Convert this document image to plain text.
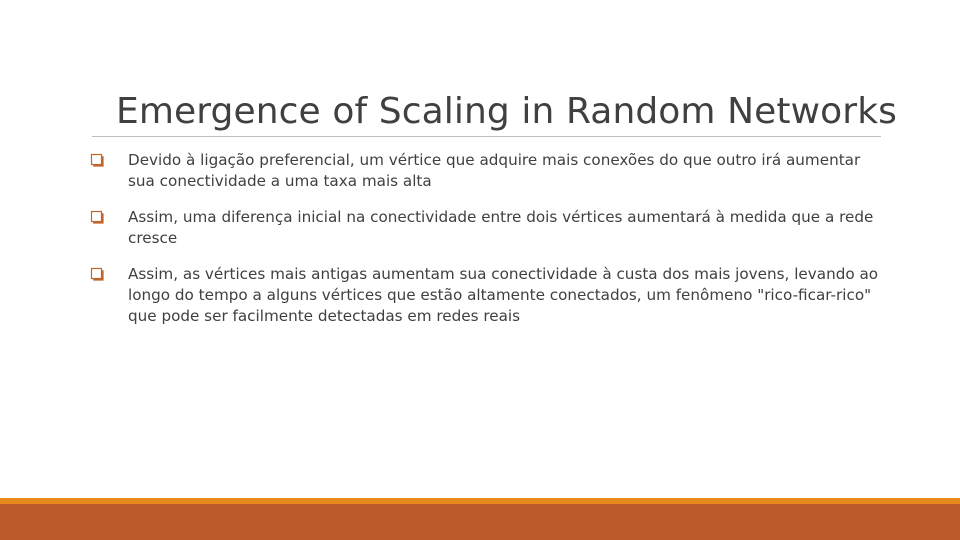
Emergence of Scaling in Random Networks
Devido à ligação preferencial, um vértice que adquire mais conexões do que outro irá aumentar sua conectividade a uma taxa mais alta
Assim, uma diferença inicial na conectividade entre dois vértices aumentará à medida que a rede cresce
Assim, as vértices mais antigas aumentam sua conectividade à custa dos mais jovens, levando ao longo do tempo a alguns vértices que estão altamente conectados, um fenômeno "rico-ficar-rico" que pode ser facilmente detectadas em redes reais
